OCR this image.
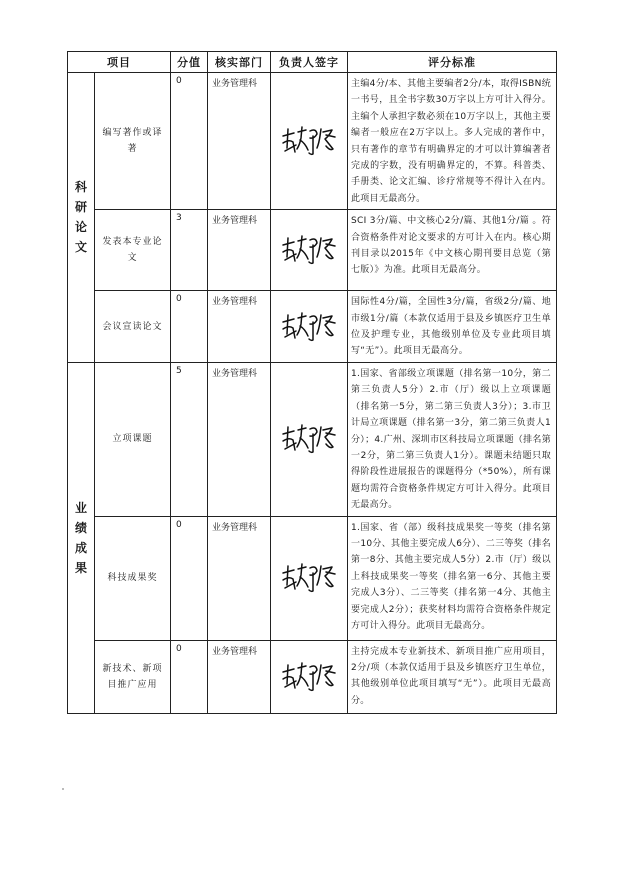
项目		分值	核实部门	负责人签字	评分标准

科
研
论
文	编写著作或译著	0	业务管理科		主编4分/本、其他主要编者2分/本，取得ISBN统一书号，且全书字数30万字以上方可计入得分。主编个人承担字数必须在10万字以上，其他主要编者一般应在2万字以上。多人完成的著作中，只有著作的章节有明确界定的才可以计算编著者完成的字数，没有明确界定的，不算。科普类、手册类、论文汇编、诊疗常规等不得计入在内。此项目无最高分。
	发表本专业论文	3	业务管理科		SCI 3分/篇、中文核心2分/篇、其他1分/篇 。符合资格条件对论文要求的方可计入在内。核心期刊目录以2015年《中文核心期刊要目总览（第七版）》为准。此项目无最高分。
	会议宣读论文	0	业务管理科		国际性4分/篇，全国性3分/篇，省级2分/篇、地市级1分/篇（本款仅适用于县及乡镇医疗卫生单位及护理专业，其他级别单位及专业此项目填写“无”）。此项目无最高分。

业
绩
成
果	立项课题	5	业务管理科		1.国家、省部级立项课题（排名第一10分，第二第三负责人5分）2.市（厅）级以上立项课题（排名第一5分，第二第三负责人3分）；3.市卫计局立项课题（排名第一3分，第二第三负责人1分）；4.广州、深圳市区科技局立项课题（排名第一2分，第二第三负责人1分）。课题未结题只取得阶段性进展报告的课题得分（*50%），所有课题均需符合资格条件规定方可计入得分。此项目无最高分。
	科技成果奖	0	业务管理科		1.国家、省（部）级科技成果奖一等奖（排名第一10分、其他主要完成人6分）、二三等奖（排名第一8分、其他主要完成人5分）2.市（厅）级以上科技成果奖一等奖（排名第一6分、其他主要完成人3分）、二三等奖（排名第一4分、其他主要完成人2分）；获奖材料均需符合资格条件规定方可计入得分。此项目无最高分。
	新技术、新项目推广应用	0	业务管理科		主持完成本专业新技术、新项目推广应用项目，2分/项（本款仅适用于县及乡镇医疗卫生单位，其他级别单位此项目填写“无”）。此项目无最高分。
